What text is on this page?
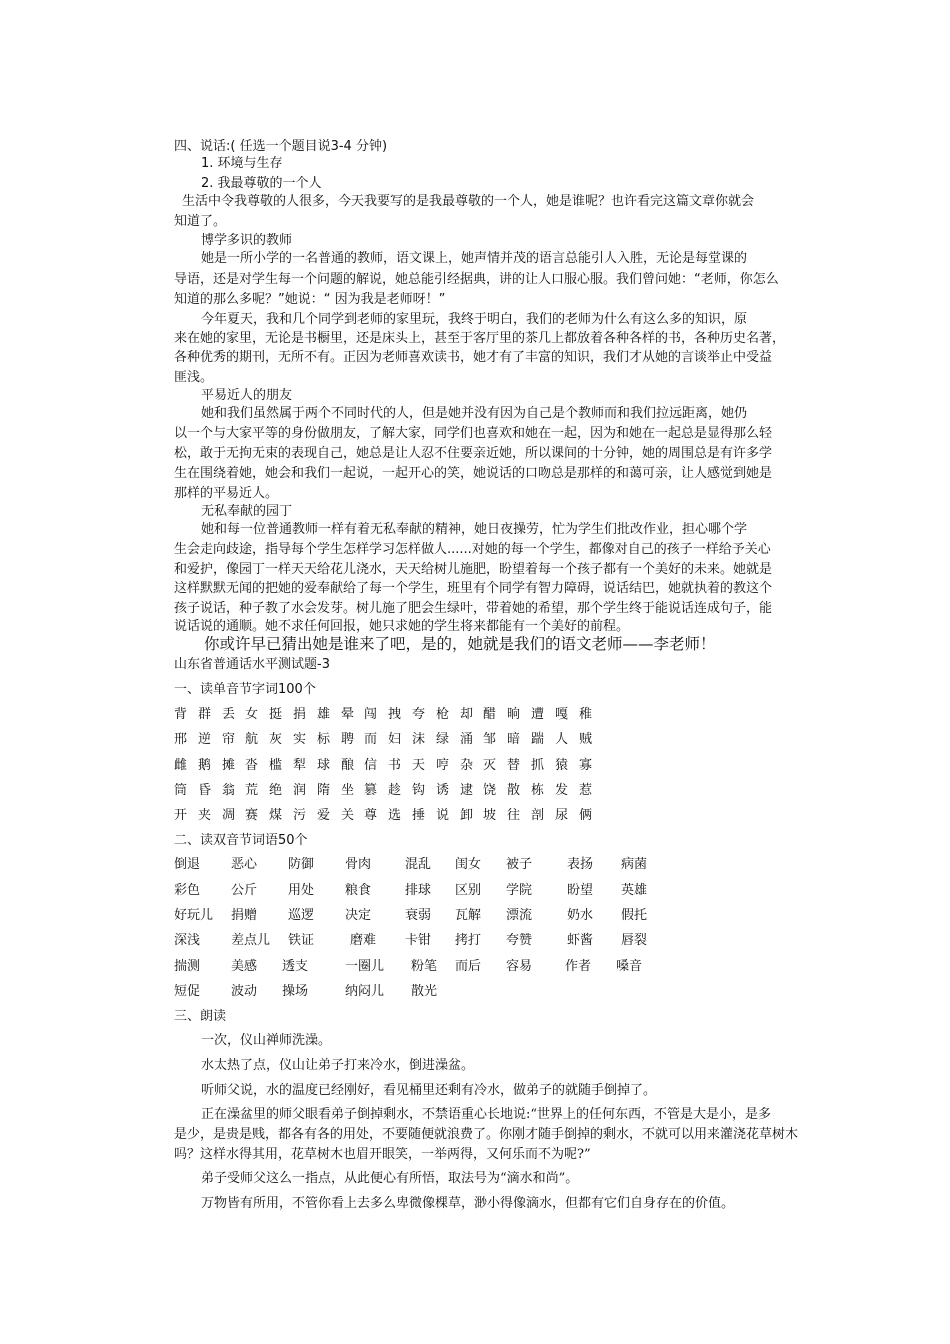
四、说话:( 任选一个题目说3-4 分钟)
1. 环境与生存
2. 我最尊敬的一个人
生活中令我尊敬的人很多，今天我要写的是我最尊敬的一个人，她是谁呢？也许看完这篇文章你就会
知道了。
博学多识的教师
她是一所小学的一名普通的教师，语文课上，她声情并茂的语言总能引人入胜，无论是每堂课的
导语，还是对学生每一个问题的解说，她总能引经据典，讲的让人口服心服。我们曾问她：“老师，你怎么
知道的那么多呢？”她说：“ 因为我是老师呀！”
今年夏天，我和几个同学到老师的家里玩，我终于明白，我们的老师为什么有这么多的知识，原
来在她的家里，无论是书橱里，还是床头上，甚至于客厅里的茶几上都放着各种各样的书，各种历史名著，
各种优秀的期刊，无所不有。正因为老师喜欢读书，她才有了丰富的知识，我们才从她的言谈举止中受益
匪浅。
平易近人的朋友
她和我们虽然属于两个不同时代的人，但是她并没有因为自己是个教师而和我们拉远距离，她仍
以一个与大家平等的身份做朋友，了解大家，同学们也喜欢和她在一起，因为和她在一起总是显得那么轻
松，敢于无拘无束的表现自己，她总是让人忍不住要亲近她，所以课间的十分钟，她的周围总是有许多学
生在围绕着她，她会和我们一起说，一起开心的笑，她说话的口吻总是那样的和蔼可亲，让人感觉到她是
那样的平易近人。
无私奉献的园丁
她和每一位普通教师一样有着无私奉献的精神，她日夜操劳，忙为学生们批改作业，担心哪个学
生会走向歧途，指导每个学生怎样学习怎样做人......对她的每一个学生，都像对自己的孩子一样给予关心
和爱护，像园丁一样天天给花儿浇水，天天给树儿施肥，盼望着每一个孩子都有一个美好的未来。她就是
这样默默无闻的把她的爱奉献给了每一个学生，班里有个同学有智力障碍，说话结巴，她就执着的教这个
孩子说话，种子教了水会发芽。树儿施了肥会生绿叶，带着她的希望，那个学生终于能说话连成句子，能
说话说的通顺。她不求任何回报，她只求她的学生将来都能有一个美好的前程。
你或许早已猜出她是谁来了吧，是的，她就是我们的语文老师——李老师！
山东省普通话水平测试题-3
一、读单音节字词100个
背 群 丢 女 挺 捐 雄 晕 闯 拽 夸 枪 却 醋 晌 遭 嘎 稚
邢 逆 帘 航 灰 实 标 聘 而 妇 沫 绿 涌 邹 暗 踹 人 贼
雌 鹅 摊 沓 槛 犁 球 酿 信 书 天 哼 杂 灭 替 抓 猿 寡
筒 昏 翁 荒 绝 润 隋 坐 篡 趁 钩 诱 逮 饶 散 栋 发 惹
开 夹 凋 赛 煤 污 爱 关 尊 选 捶 说 卸 坡 往 剖 尿 俩
二、读双音节词语50个
倒退 恶心 防御 骨肉	混乱 闺女 被子	表扬 病菌
彩色 公斤 用处 粮食	排球 区别 学院	盼望 英雄
好玩儿 捐赠 巡逻 决定	衰弱 瓦解 漂流	奶水 假托
深浅 差点儿 铁证	磨难 卡钳 拷打 夸赞	虾酱 唇裂
揣测 美感 透支	一圈儿 粉笔 而后 容易	作者 嗓音
短促 波动 操场	纳闷儿 散光
三、朗读
一次，仪山禅师洗澡。
水太热了点，仪山让弟子打来冷水，倒进澡盆。
听师父说，水的温度已经刚好，看见桶里还剩有冷水，做弟子的就随手倒掉了。
正在澡盆里的师父眼看弟子倒掉剩水，不禁语重心长地说:“世界上的任何东西，不管是大是小，是多
是少，是贵是贱，都各有各的用处，不要随便就浪费了。你刚才随手倒掉的剩水，不就可以用来灌浇花草树木
吗？这样水得其用，花草树木也眉开眼笑，一举两得，又何乐而不为呢?”
弟子受师父这么一指点，从此便心有所悟，取法号为“滴水和尚”。
万物皆有所用，不管你看上去多么卑微像棵草，渺小得像滴水，但都有它们自身存在的价值。
